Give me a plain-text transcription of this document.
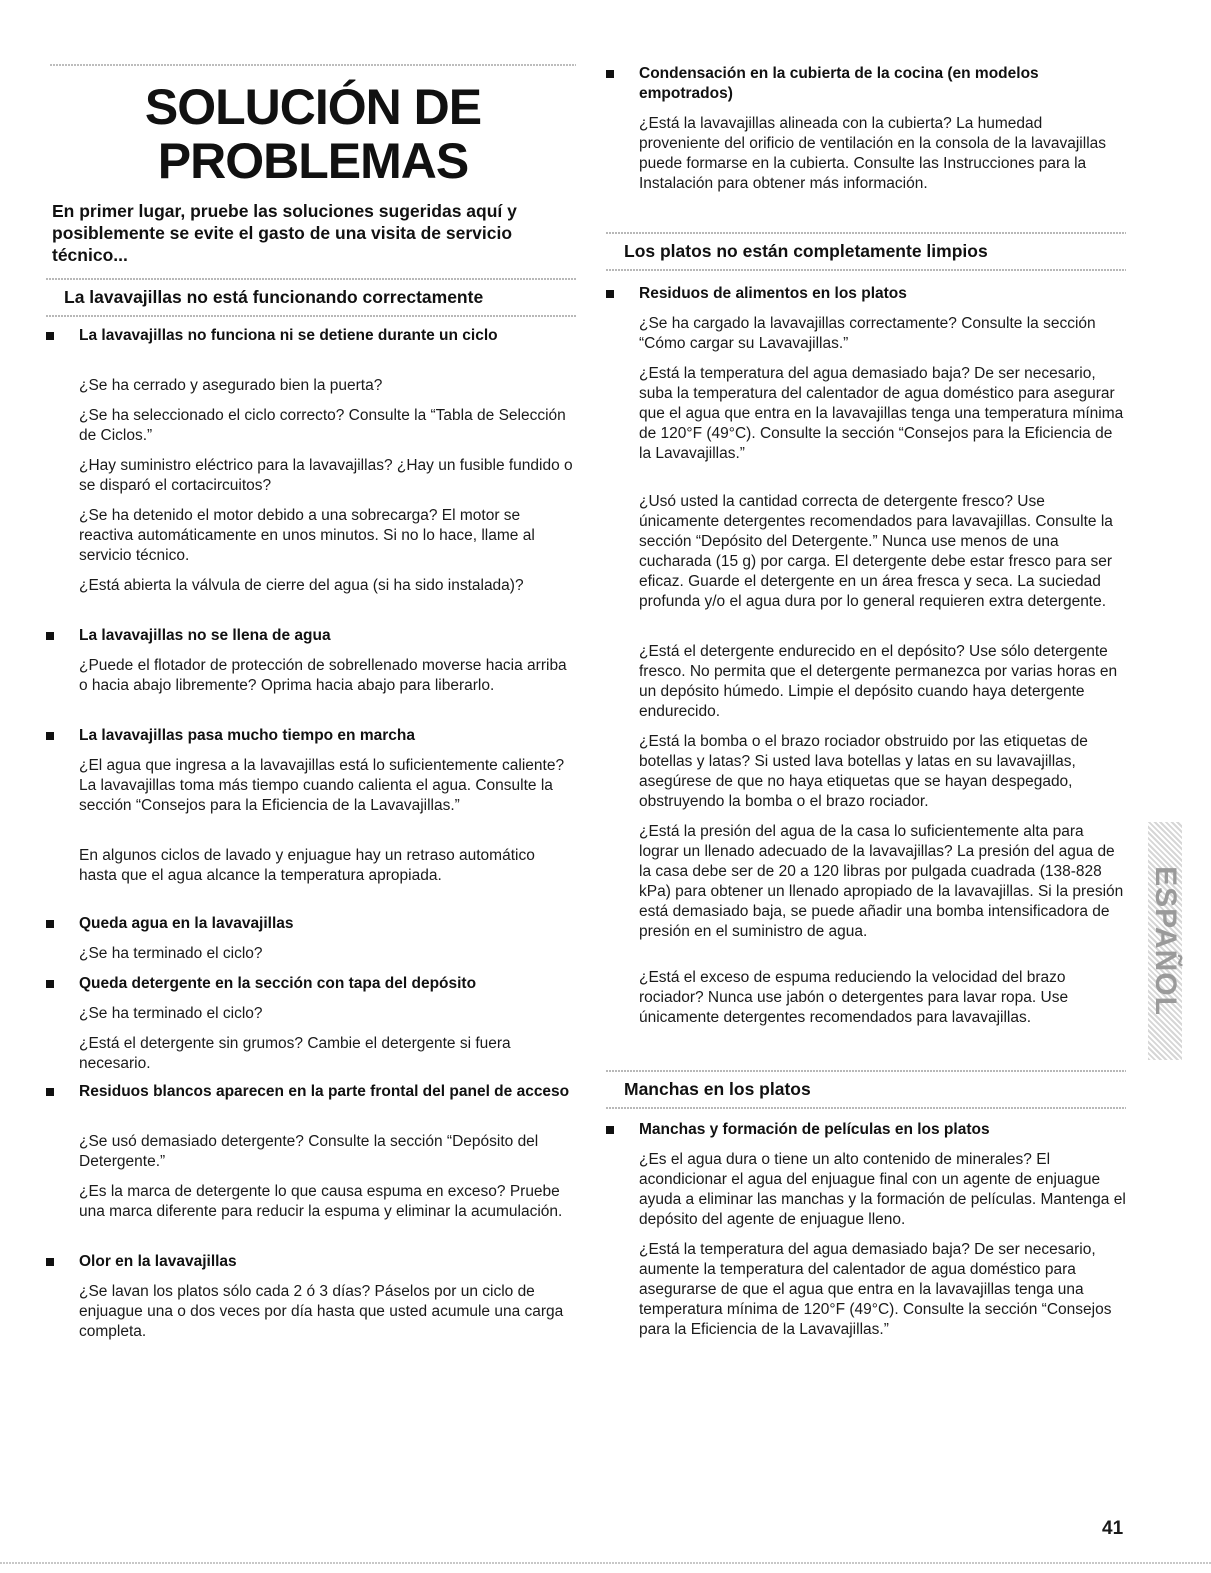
SOLUCIÓN DE
PROBLEMAS
En primer lugar, pruebe las soluciones sugeridas aquí y posiblemente se evite el gasto de una visita de servicio técnico...
La lavavajillas no está funcionando correctamente
La lavavajillas no funciona ni se detiene durante un ciclo
¿Se ha cerrado y asegurado bien la puerta?
¿Se ha seleccionado el ciclo correcto? Consulte la “Tabla de Selección de Ciclos.”
¿Hay suministro eléctrico para la lavavajillas? ¿Hay un fusible fundido o se disparó el cortacircuitos?
¿Se ha detenido el motor debido a una sobrecarga? El motor se reactiva automáticamente en unos minutos. Si no lo hace, llame al servicio técnico.
¿Está abierta la válvula de cierre del agua (si ha sido instalada)?
La lavavajillas no se llena de agua
¿Puede el flotador de protección de sobrellenado moverse hacia arriba o hacia abajo libremente? Oprima hacia abajo para liberarlo.
La lavavajillas pasa mucho tiempo en marcha
¿El agua que ingresa a la lavavajillas está lo suficientemente caliente? La lavavajillas toma más tiempo cuando calienta el agua. Consulte la sección “Consejos para la Eficiencia de la Lavavajillas.”
En algunos ciclos de lavado y enjuague hay un retraso automático hasta que el agua alcance la temperatura apropiada.
Queda agua en la lavavajillas
¿Se ha terminado el ciclo?
Queda detergente en la sección con tapa del depósito
¿Se ha terminado el ciclo?
¿Está el detergente sin grumos? Cambie el detergente si fuera necesario.
Residuos blancos aparecen en la parte frontal del panel de acceso
¿Se usó demasiado detergente? Consulte la sección “Depósito del Detergente.”
¿Es la marca de detergente lo que causa espuma en exceso? Pruebe una marca diferente para reducir la espuma y eliminar la acumulación.
Olor en la lavavajillas
¿Se lavan los platos sólo cada 2 ó 3 días? Páselos por un ciclo de enjuague una o dos veces por día hasta que usted acumule una carga completa.
Condensación en la cubierta de la cocina (en modelos empotrados)
¿Está la lavavajillas alineada con la cubierta? La humedad proveniente del orificio de ventilación en la consola de la lavavajillas puede formarse en la cubierta. Consulte las Instrucciones para la Instalación para obtener más información.
Los platos no están completamente limpios
Residuos de alimentos en los platos
¿Se ha cargado la lavavajillas correctamente? Consulte la sección “Cómo cargar su Lavavajillas.”
¿Está la temperatura del agua demasiado baja? De ser necesario, suba la temperatura del calentador de agua doméstico para asegurar que el agua que entra en la lavavajillas tenga una temperatura mínima de 120°F (49°C). Consulte la sección “Consejos para la Eficiencia de la Lavavajillas.”
¿Usó usted la cantidad correcta de detergente fresco? Use únicamente detergentes recomendados para lavavajillas. Consulte la sección “Depósito del Detergente.” Nunca use menos de una cucharada (15 g) por carga. El detergente debe estar fresco para ser eficaz. Guarde el detergente en un área fresca y seca. La suciedad profunda y/o el agua dura por lo general requieren extra detergente.
¿Está el detergente endurecido en el depósito? Use sólo detergente fresco. No permita que el detergente permanezca por varias horas en un depósito húmedo. Limpie el depósito cuando haya detergente endurecido.
¿Está la bomba o el brazo rociador obstruido por las etiquetas de botellas y latas? Si usted lava botellas y latas en su lavavajillas, asegúrese de que no haya etiquetas que se hayan despegado, obstruyendo la bomba o el brazo rociador.
¿Está la presión del agua de la casa lo suficientemente alta para lograr un llenado adecuado de la lavavajillas? La presión del agua de la casa debe ser de 20 a 120 libras por pulgada cuadrada (138-828 kPa) para obtener un llenado apropiado de la lavavajillas. Si la presión está demasiado baja, se puede añadir una bomba intensificadora de presión en el suministro de agua.
¿Está el exceso de espuma reduciendo la velocidad del brazo rociador? Nunca use jabón o detergentes para lavar ropa. Use únicamente detergentes recomendados para lavavajillas.
Manchas en los platos
Manchas y formación de películas en los platos
¿Es el agua dura o tiene un alto contenido de minerales? El acondicionar el agua del enjuague final con un agente de enjuague ayuda a eliminar las manchas y la formación de películas. Mantenga el depósito del agente de enjuague lleno.
¿Está la temperatura del agua demasiado baja? De ser necesario, aumente la temperatura del calentador de agua doméstico para asegurarse de que el agua que entra en la lavavajillas tenga una temperatura mínima de 120°F (49°C). Consulte la sección “Consejos para la Eficiencia de la Lavavajillas.”
ESPAÑOL
41
